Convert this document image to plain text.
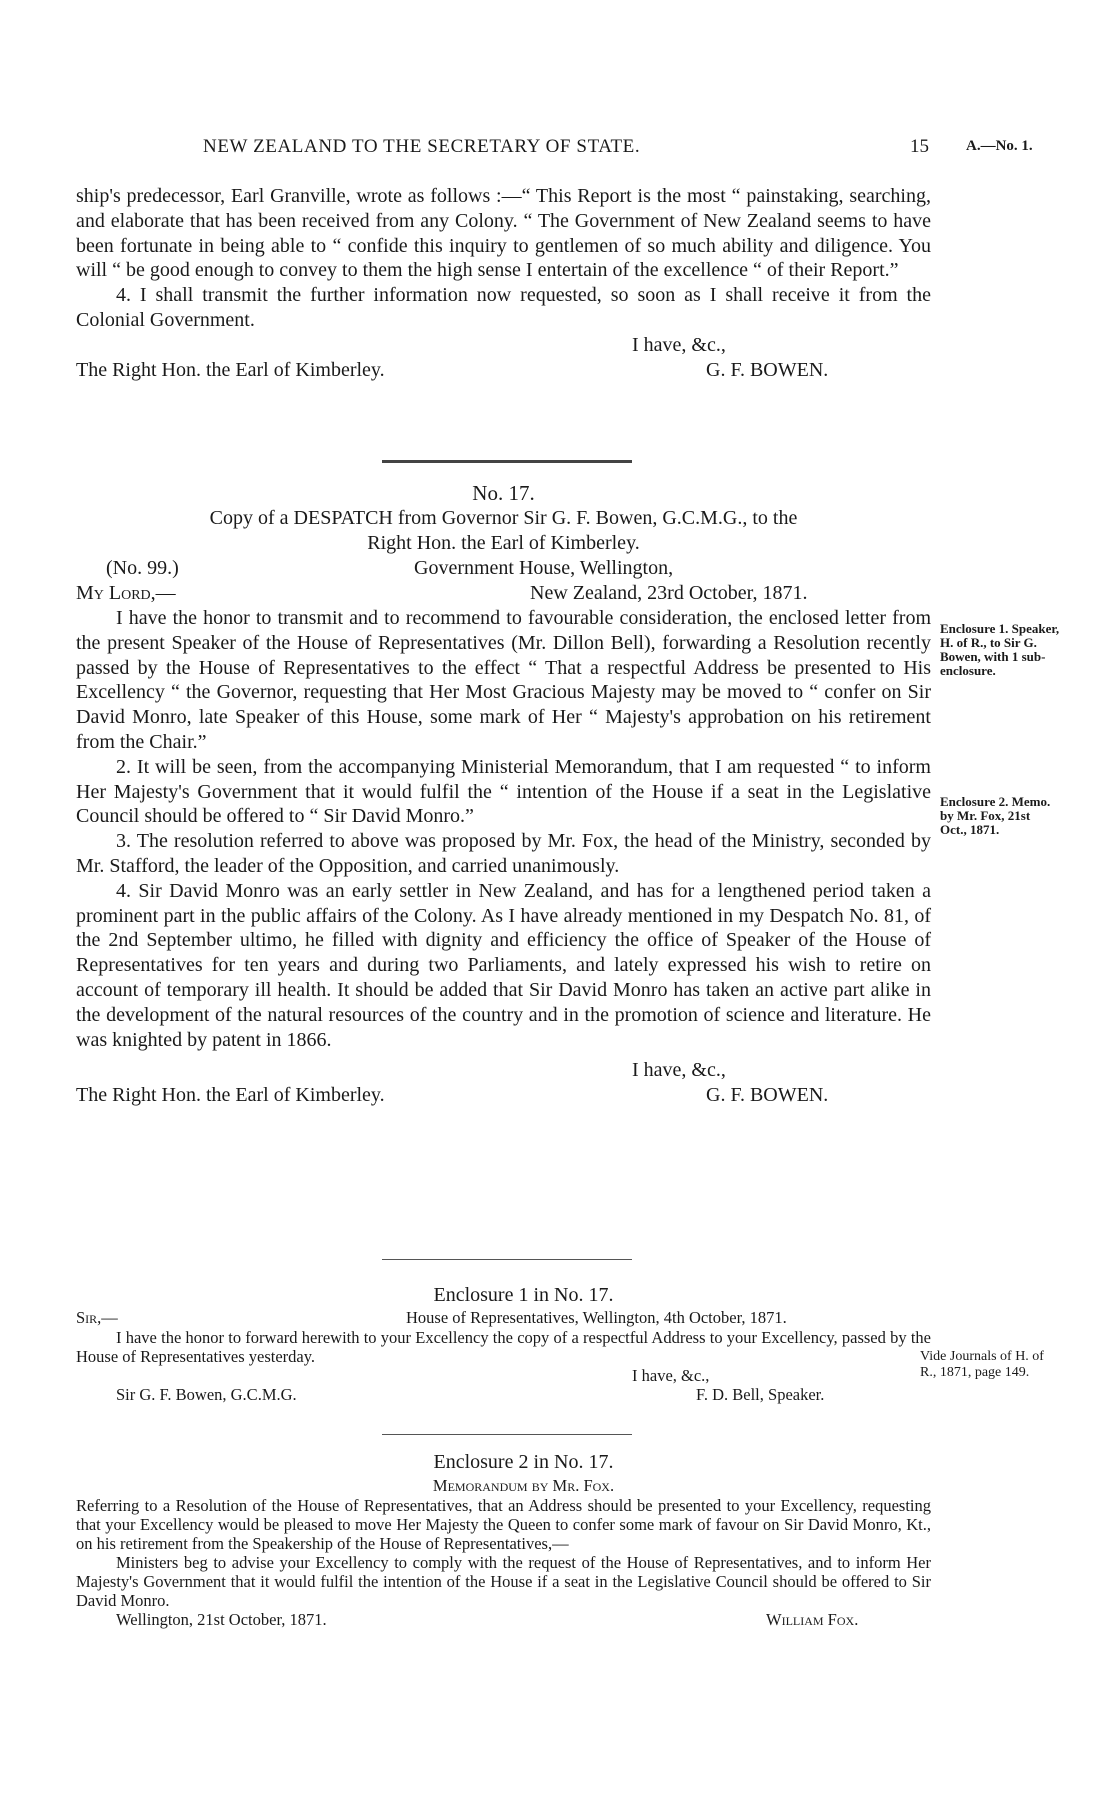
NEW ZEALAND TO THE SECRETARY OF STATE.	15 A.—No. 1.

ship's predecessor, Earl Granville, wrote as follows :—“ This Report is the most “ painstaking, searching, and elaborate that has been received from any Colony. “ The Government of New Zealand seems to have been fortunate in being able to “ confide this inquiry to gentlemen of so much ability and diligence. You will “ be good enough to convey to them the high sense I entertain of the excellence “ of their Report.”

4. I shall transmit the further information now requested, so soon as I shall receive it from the Colonial Government.

I have, &c.,
The Right Hon. the Earl of Kimberley.	G. F. BOWEN.
No. 17.
Copy of a DESPATCH from Governor Sir G. F. Bowen, G.C.M.G., to the
Right Hon. the Earl of Kimberley.
(No. 99.)	Government House, Wellington,
My Lord,—	New Zealand, 23rd October, 1871.

I have the honor to transmit and to recommend to favourable consideration, the enclosed letter from the present Speaker of the House of Representatives (Mr. Dillon Bell), forwarding a Resolution recently passed by the House of Representatives to the effect “ That a respectful Address be presented to His Excellency “ the Governor, requesting that Her Most Gracious Majesty may be moved to “ confer on Sir David Monro, late Speaker of this House, some mark of Her “ Majesty's approbation on his retirement from the Chair.”

2. It will be seen, from the accompanying Ministerial Memorandum, that I am requested “ to inform Her Majesty's Government that it would fulfil the “ intention of the House if a seat in the Legislative Council should be offered to “ Sir David Monro.”

3. The resolution referred to above was proposed by Mr. Fox, the head of the Ministry, seconded by Mr. Stafford, the leader of the Opposition, and carried unanimously.

4. Sir David Monro was an early settler in New Zealand, and has for a lengthened period taken a prominent part in the public affairs of the Colony. As I have already mentioned in my Despatch No. 81, of the 2nd September ultimo, he filled with dignity and efficiency the office of Speaker of the House of Representatives for ten years and during two Parliaments, and lately expressed his wish to retire on account of temporary ill health. It should be added that Sir David Monro has taken an active part alike in the development of the natural resources of the country and in the promotion of science and literature. He was knighted by patent in 1866.

I have, &c.,
The Right Hon. the Earl of Kimberley.	G. F. BOWEN.
Enclosure 1. Speaker, H. of R., to Sir G. Bowen, with 1 sub-enclosure.
Enclosure 2. Memo. by Mr. Fox, 21st Oct., 1871.
Enclosure 1 in No. 17.
Sir,—	House of Representatives, Wellington, 4th October, 1871.

I have the honor to forward herewith to your Excellency the copy of a respectful Address to your Excellency, passed by the House of Representatives yesterday.

I have, &c.,
Sir G. F. Bowen, G.C.M.G.	F. D. Bell, Speaker.
Vide Journals of H. of R., 1871, page 149.
Enclosure 2 in No. 17.
Memorandum by Mr. Fox.

Referring to a Resolution of the House of Representatives, that an Address should be presented to your Excellency, requesting that your Excellency would be pleased to move Her Majesty the Queen to confer some mark of favour on Sir David Monro, Kt., on his retirement from the Speakership of the House of Representatives,—

Ministers beg to advise your Excellency to comply with the request of the House of Representatives, and to inform Her Majesty's Government that it would fulfil the intention of the House if a seat in the Legislative Council should be offered to Sir David Monro.

Wellington, 21st October, 1871.	William Fox.
